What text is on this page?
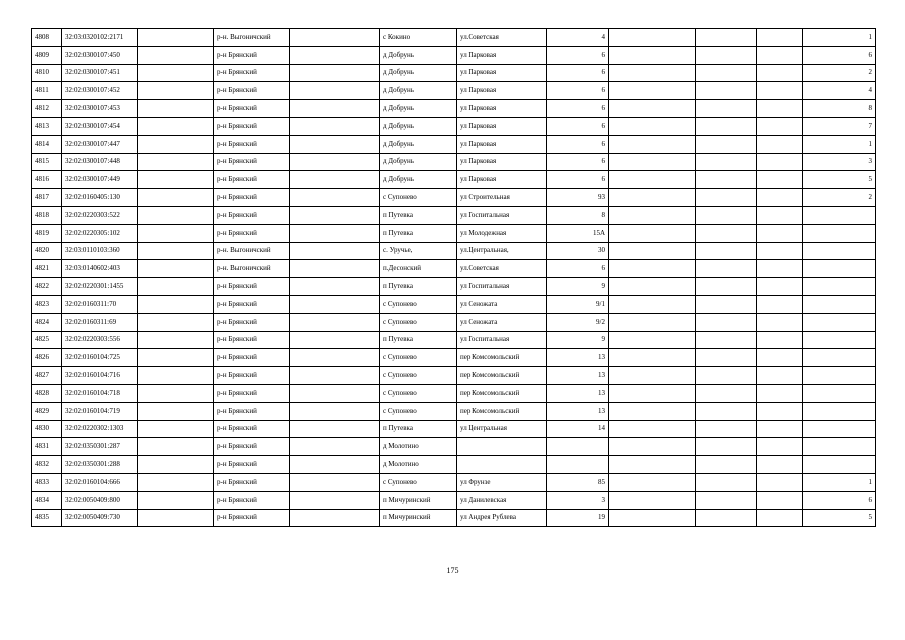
4808	32:03:0320102:2171		р-н. Выгоничский		с Кокино	ул.Советская	4				1
4809	32:02:0300107:450		р-н Брянский		д Добрунь	ул Парковая	6				6
4810	32:02:0300107:451		р-н Брянский		д Добрунь	ул Парковая	6				2
4811	32:02:0300107:452		р-н Брянский		д Добрунь	ул Парковая	6				4
4812	32:02:0300107:453		р-н Брянский		д Добрунь	ул Парковая	6				8
4813	32:02:0300107:454		р-н Брянский		д Добрунь	ул Парковая	6				7
4814	32:02:0300107:447		р-н Брянский		д Добрунь	ул Парковая	6				1
4815	32:02:0300107:448		р-н Брянский		д Добрунь	ул Парковая	6				3
4816	32:02:0300107:449		р-н Брянский		д Добрунь	ул Парковая	6				5
4817	32:02:0160405:130		р-н Брянский		с Супонево	ул Строительная	93				2
4818	32:02:0220303:522		р-н Брянский		п Путевка	ул Госпитальная	8				
4819	32:02:0220305:102		р-н Брянский		п Путевка	ул Молодежная	15А				
4820	32:03:0110103:360		р-н. Выгоничский		с. Уручье,	ул.Центральная,	30				
4821	32:03:0140602:403		р-н. Выгоничский		п.Десонский	ул.Советская	6				
4822	32:02:0220301:1455		р-н Брянский		п Путевка	ул Госпитальная	9				
4823	32:02:0160311:70		р-н Брянский		с Супонево	ул Сеножата	9/1				
4824	32:02:0160311:69		р-н Брянский		с Супонево	ул Сеножата	9/2				
4825	32:02:0220303:556		р-н Брянский		п Путевка	ул Госпитальная	9				
4826	32:02:0160104:725		р-н Брянский		с Супонево	пер Комсомольский	13				
4827	32:02:0160104:716		р-н Брянский		с Супонево	пер Комсомольский	13				
4828	32:02:0160104:718		р-н Брянский		с Супонево	пер Комсомольский	13				
4829	32:02:0160104:719		р-н Брянский		с Супонево	пер Комсомольский	13				
4830	32:02:0220302:1303		р-н Брянский		п Путевка	ул Центральная	14				
4831	32:02:0350301:287		р-н Брянский		д Молотино						
4832	32:02:0350301:288		р-н Брянский		д Молотино						
4833	32:02:0160104:666		р-н Брянский		с Супонево	ул Фрунзе	85				1
4834	32:02:0050409:800		р-н Брянский		п Мичуринский	ул Данилевская	3				6
4835	32:02:0050409:730		р-н Брянский		п Мичуринский	ул Андрея Рублева	19				5
175
